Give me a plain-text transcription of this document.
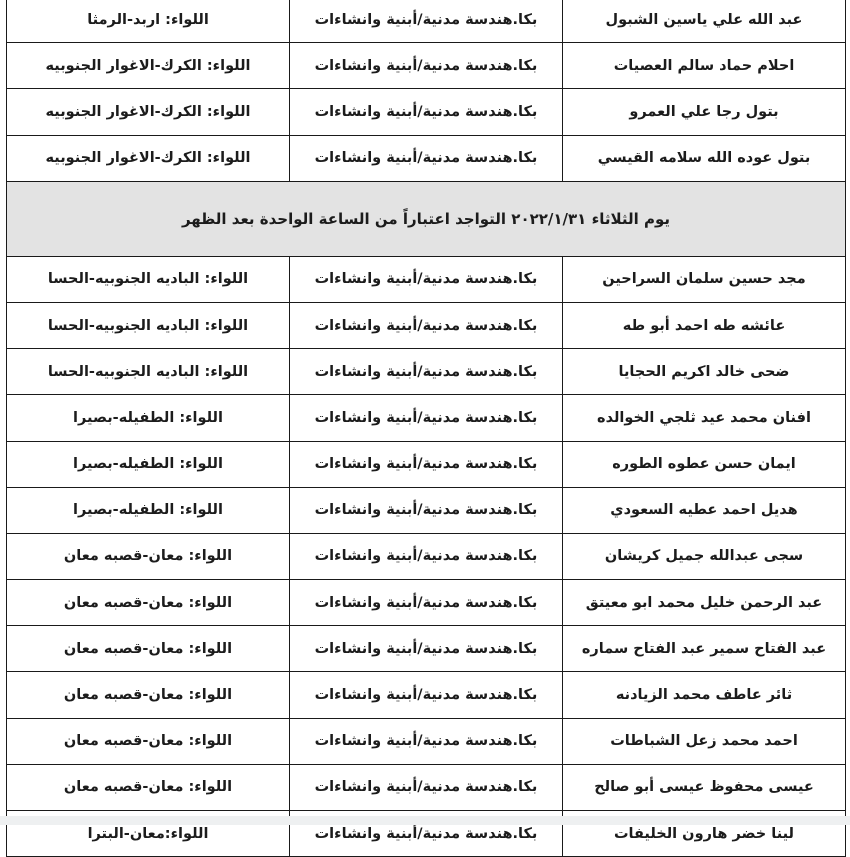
عبد الله علي ياسين الشبول	بكا.هندسة مدنية/أبنية وانشاءات	اللواء: اربد-الرمثا
احلام حماد سالم العصيات	بكا.هندسة مدنية/أبنية وانشاءات	اللواء: الكرك-الاغوار الجنوبيه
بتول رجا علي العمرو	بكا.هندسة مدنية/أبنية وانشاءات	اللواء: الكرك-الاغوار الجنوبيه
بتول عوده الله سلامه القيسي	بكا.هندسة مدنية/أبنية وانشاءات	اللواء: الكرك-الاغوار الجنوبيه
يوم الثلاثاء ٢٠٢٢/١/٣١ التواجد اعتباراً من الساعة الواحدة بعد الظهر		
مجد حسين سلمان السراحين	بكا.هندسة مدنية/أبنية وانشاءات	اللواء: الباديه الجنوبيه-الحسا
عائشه طه احمد أبو طه	بكا.هندسة مدنية/أبنية وانشاءات	اللواء: الباديه الجنوبيه-الحسا
ضحى خالد اكريم الحجايا	بكا.هندسة مدنية/أبنية وانشاءات	اللواء: الباديه الجنوبيه-الحسا
افنان محمد عيد ثلجي الخوالده	بكا.هندسة مدنية/أبنية وانشاءات	اللواء: الطفيله-بصيرا
ايمان حسن عطوه الطوره	بكا.هندسة مدنية/أبنية وانشاءات	اللواء: الطفيله-بصيرا
هديل احمد عطيه السعودي	بكا.هندسة مدنية/أبنية وانشاءات	اللواء: الطفيله-بصيرا
سجى عبدالله جميل كريشان	بكا.هندسة مدنية/أبنية وانشاءات	اللواء: معان-قصبه معان
عبد الرحمن خليل محمد ابو معيتق	بكا.هندسة مدنية/أبنية وانشاءات	اللواء: معان-قصبه معان
عبد الفتاح سمير عبد الفتاح سماره	بكا.هندسة مدنية/أبنية وانشاءات	اللواء: معان-قصبه معان
ثائر عاطف محمد الزيادنه	بكا.هندسة مدنية/أبنية وانشاءات	اللواء: معان-قصبه معان
احمد محمد زعل الشباطات	بكا.هندسة مدنية/أبنية وانشاءات	اللواء: معان-قصبه معان
عيسى محفوظ عيسى أبو صالح	بكا.هندسة مدنية/أبنية وانشاءات	اللواء: معان-قصبه معان
لينا خضر هارون الخليفات	بكا.هندسة مدنية/أبنية وانشاءات	اللواء:معان-البترا
